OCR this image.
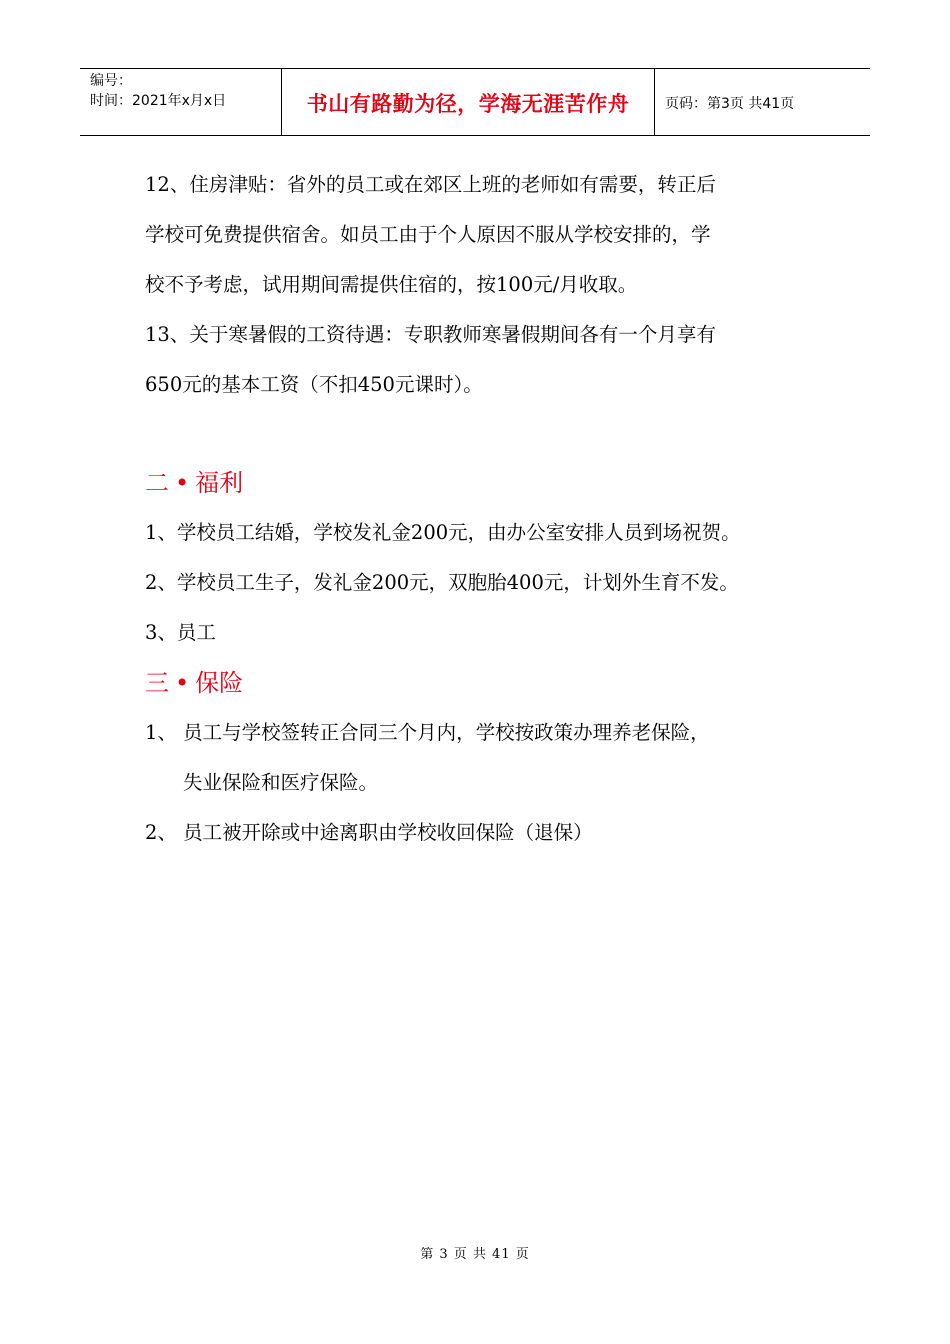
编号：
时间：2021年x月x日	书山有路勤为径，学海无涯苦作舟	页码：第3页 共41页
12、住房津贴：省外的员工或在郊区上班的老师如有需要，转正后
学校可免费提供宿舍。如员工由于个人原因不服从学校安排的，学
校不予考虑，试用期间需提供住宿的，按100元/月收取。
13、关于寒暑假的工资待遇：专职教师寒暑假期间各有一个月享有
650元的基本工资（不扣450元课时）。
二 • 福利
1、学校员工结婚，学校发礼金200元，由办公室安排人员到场祝贺。
2、学校员工生子，发礼金200元，双胞胎400元，计划外生育不发。
3、员工
三 • 保险
1、 员工与学校签转正合同三个月内，学校按政策办理养老保险，
失业保险和医疗保险。
2、 员工被开除或中途离职由学校收回保险（退保）
第 3 页 共 41 页
